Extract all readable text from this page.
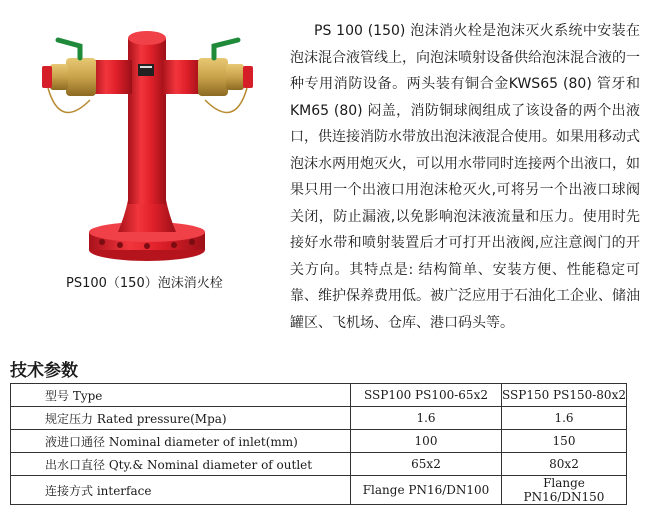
PS100（150）泡沫消火栓

PS 100 (150) 泡沫消火栓是泡沫灭火系统中安装在泡沫混合液管线上，向泡沫喷射设备供给泡沫混合液的一种专用消防设备。两头装有铜合金KWS65 (80) 管牙和KM65 (80) 闷盖，消防铜球阀组成了该设备的两个出液口，供连接消防水带放出泡沫液混合使用。如果用移动式泡沫水两用炮灭火，可以用水带同时连接两个出液口，如果只用一个出液口用泡沫枪灭火,可将另一个出液口球阀关闭，防止漏液,以免影响泡沫液流量和压力。使用时先接好水带和喷射装置后才可打开出液阀,应注意阀门的开关方向。其特点是: 结构简单、安装方便、性能稳定可靠、维护保养费用低。被广泛应用于石油化工企业、储油罐区、飞机场、仓库、港口码头等。

技术参数
型号 Type	SSP100 PS100-65x2	SSP150 PS150-80x2
规定压力 Rated pressure(Mpa)	1.6	1.6
液进口通径 Nominal diameter of inlet(mm)	100	150
出水口直径 Qty.& Nominal diameter of outlet	65x2	80x2
连接方式 interface	Flange PN16/DN100	Flange PN16/DN150
